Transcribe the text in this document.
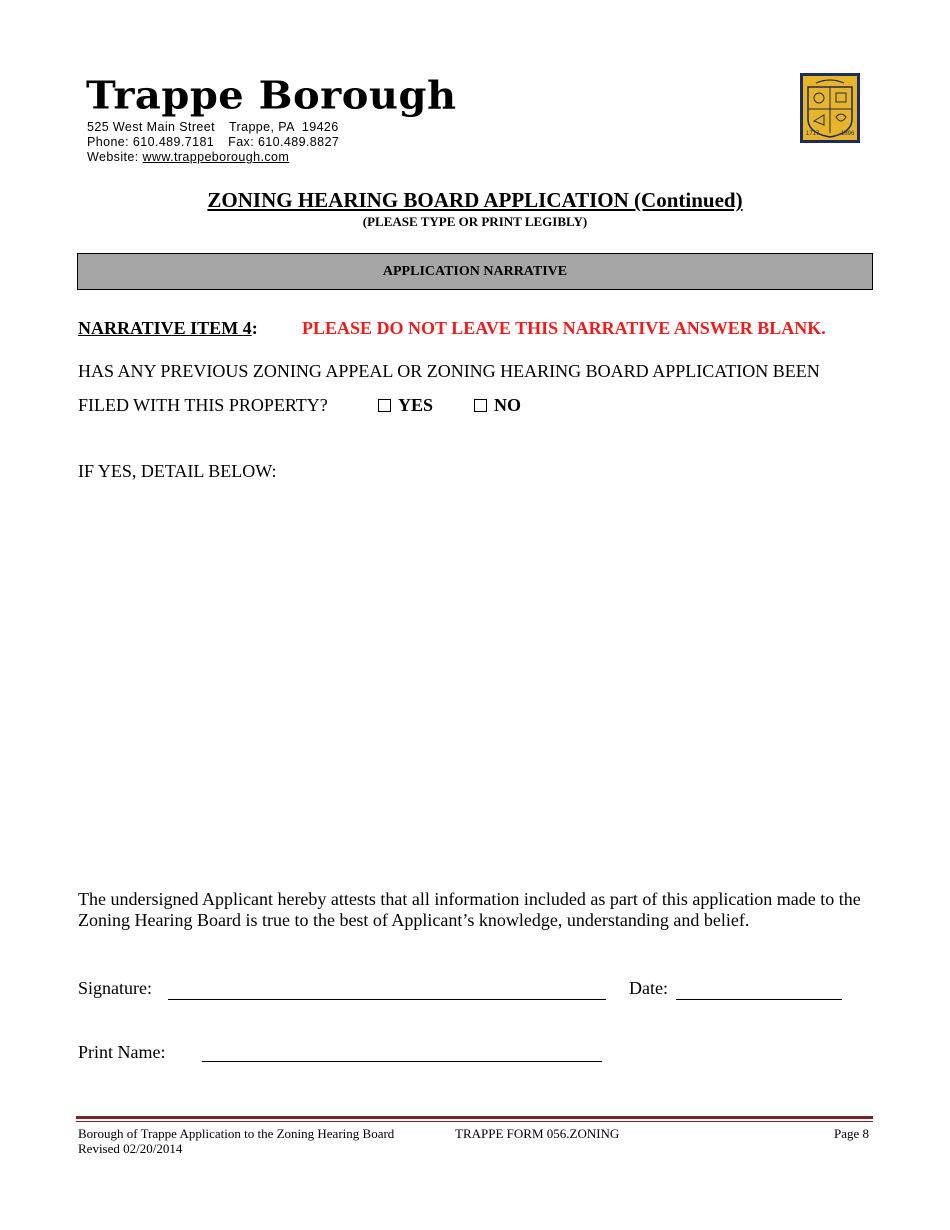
Trappe Borough
525 West Main Street Trappe, PA  19426
Phone: 610.489.7181 Fax: 610.489.8827
Website: www.trappeborough.com
1717	1896
ZONING HEARING BOARD APPLICATION (Continued)
(PLEASE TYPE OR PRINT LEGIBLY)
APPLICATION NARRATIVE
NARRATIVE ITEM 4: PLEASE DO NOT LEAVE THIS NARRATIVE ANSWER BLANK.
HAS ANY PREVIOUS ZONING APPEAL OR ZONING HEARING BOARD APPLICATION BEEN
FILED WITH THIS PROPERTY?	YES	NO
IF YES, DETAIL BELOW:
The undersigned Applicant hereby attests that all information included as part of this application made to the Zoning Hearing Board is true to the best of Applicant’s knowledge, understanding and belief.
Signature:	Date:
Print Name:
Borough of Trappe Application to the Zoning Hearing Board
Revised 02/20/2014
TRAPPE FORM 056.ZONING	Page 8
